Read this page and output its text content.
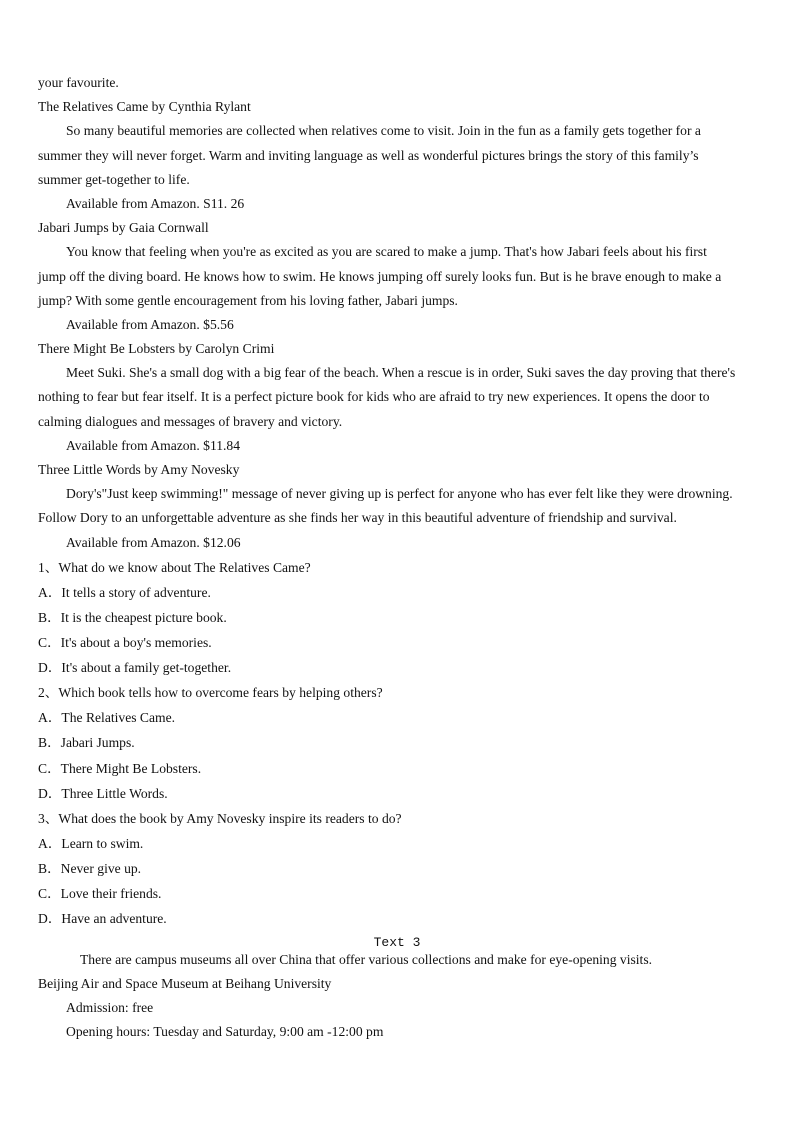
your favourite.
The Relatives Came by Cynthia Rylant
So many beautiful memories are collected when relatives come to visit. Join in the fun as a family gets together for a
summer they will never forget. Warm and inviting language as well as wonderful pictures brings the story of this family’s
summer get-together to life.
Available from Amazon. S11. 26
Jabari Jumps by Gaia Cornwall
You know that feeling when you're as excited as you are scared to make a jump. That's how Jabari feels about his first
jump off the diving board. He knows how to swim. He knows jumping off surely looks fun. But is he brave enough to make a
jump? With some gentle encouragement from his loving father, Jabari jumps.
Available from Amazon. $5.56
There Might Be Lobsters by Carolyn Crimi
Meet Suki. She's a small dog with a big fear of the beach. When a rescue is in order, Suki saves the day proving that there's
nothing to fear but fear itself. It is a perfect picture book for kids who are afraid to try new experiences. It opens the door to
calming dialogues and messages of bravery and victory.
Available from Amazon. $11.84
Three Little Words by Amy Novesky
Dory's"Just keep swimming!" message of never giving up is perfect for anyone who has ever felt like they were drowning.
Follow Dory to an unforgettable adventure as she finds her way in this beautiful adventure of friendship and survival.
Available from Amazon. $12.06
1、What do we know about The Relatives Came?
A．It tells a story of adventure.
B．It is the cheapest picture book.
C．It's about a boy's memories.
D．It's about a family get-together.
2、Which book tells how to overcome fears by helping others?
A．The Relatives Came.
B．Jabari Jumps.
C．There Might Be Lobsters.
D．Three Little Words.
3、What does the book by Amy Novesky inspire its readers to do?
A．Learn to swim.
B．Never give up.
C．Love their friends.
D．Have an adventure.
Text 3
There are campus museums all over China that offer various collections and make for eye-opening visits.
Beijing Air and Space Museum at Beihang University
Admission: free
Opening hours: Tuesday and Saturday, 9:00 am -12:00 pm
